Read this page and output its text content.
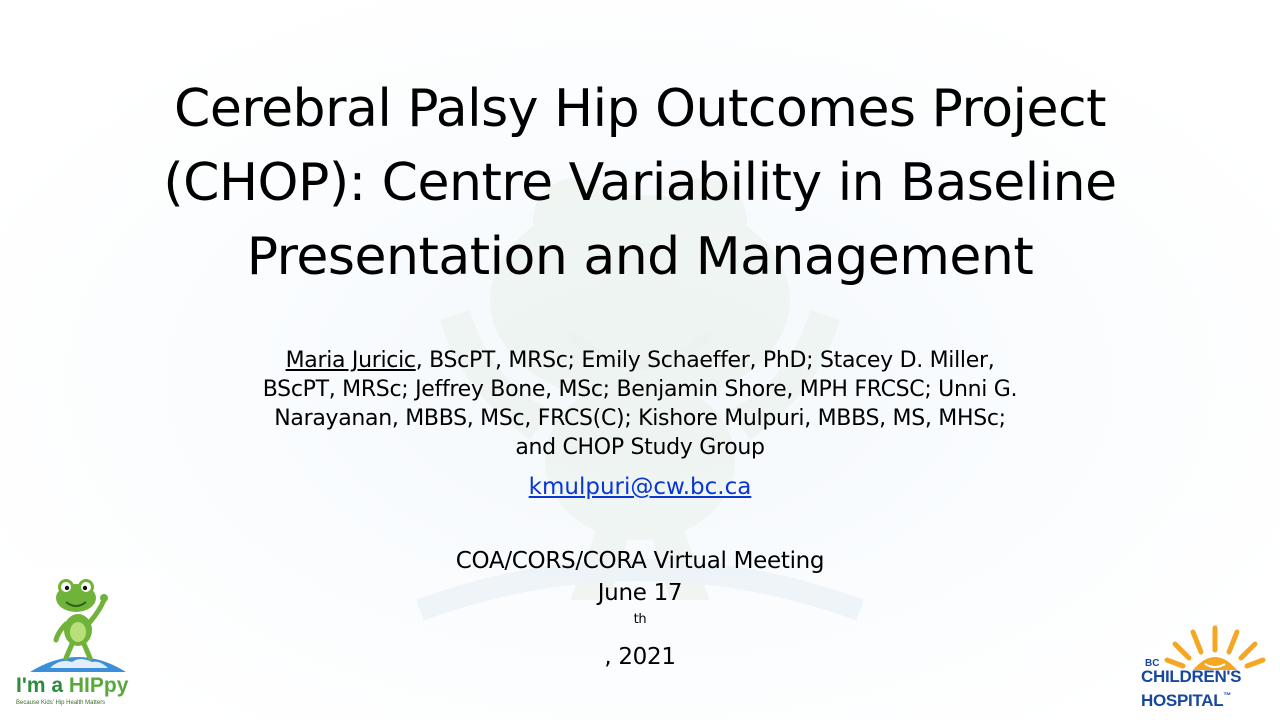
Cerebral Palsy Hip Outcomes Project
(CHOP): Centre Variability in Baseline
Presentation and Management
Maria Juricic, BScPT, MRSc; Emily Schaeffer, PhD; Stacey D. Miller,
BScPT, MRSc; Jeffrey Bone, MSc; Benjamin Shore, MPH FRCSC; Unni G.
Narayanan, MBBS, MSc, FRCS(C); Kishore Mulpuri, MBBS, MS, MHSc;
and CHOP Study Group
kmulpuri@cw.bc.ca
COA/CORS/CORA Virtual Meeting
June 17
$^{th}$
, 2021
I'm a HIPpy
Because Kids' Hip Health Matters
BC
CHILDREN'S
HOSPITAL™
